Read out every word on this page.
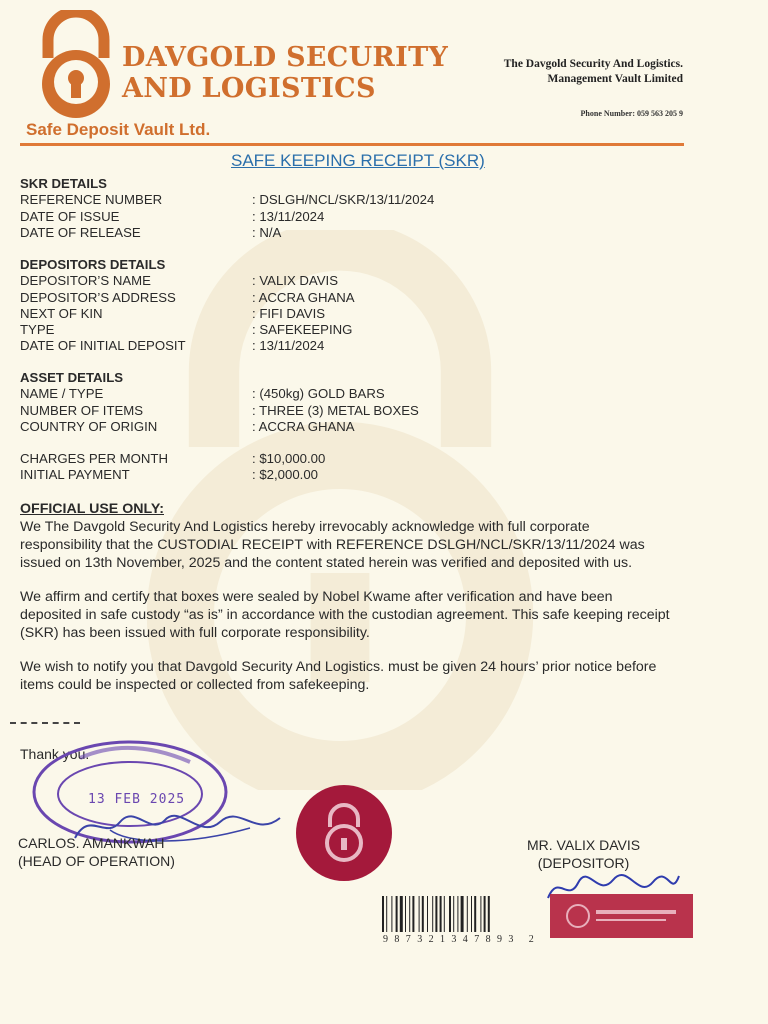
DAVGOLD SECURITY
AND LOGISTICS
Safe Deposit Vault Ltd.
The Davgold Security And Logistics.
Management Vault Limited
Phone Number: 059 563 205 9
SAFE KEEPING RECEIPT (SKR)
SKR DETAILS
REFERENCE NUMBER	: DSLGH/NCL/SKR/13/11/2024
DATE OF ISSUE	: 13/11/2024
DATE OF RELEASE	: N/A
DEPOSITORS DETAILS
DEPOSITOR’S NAME	: VALIX DAVIS
DEPOSITOR’S ADDRESS	: ACCRA GHANA
NEXT OF KIN	: FIFI DAVIS
TYPE	: SAFEKEEPING
DATE OF INITIAL DEPOSIT	: 13/11/2024
ASSET DETAILS
NAME / TYPE	: (450kg) GOLD BARS
NUMBER OF ITEMS	: THREE (3) METAL BOXES
COUNTRY OF ORIGIN	: ACCRA GHANA
CHARGES PER MONTH	: $10,000.00
INITIAL PAYMENT	: $2,000.00
OFFICIAL USE ONLY:

We The Davgold Security And Logistics hereby irrevocably acknowledge with full corporate responsibility that the CUSTODIAL RECEIPT with REFERENCE DSLGH/NCL/SKR/13/11/2024 was issued on 13th November, 2025 and the content stated herein was verified and deposited with us.

We affirm and certify that boxes were sealed by Nobel Kwame after verification and have been deposited in safe custody “as is” in accordance with the custodian agreement. This safe keeping receipt (SKR) has been issued with full corporate responsibility.

We wish to notify you that Davgold Security And Logistics. must be given 24 hours’ prior notice before items could be inspected or collected from safekeeping.

Thank you.
13 FEB 2025
CARLOS. AMANKWAH
(HEAD OF OPERATION)
MR. VALIX DAVIS
(DEPOSITOR)
987321347893 2
